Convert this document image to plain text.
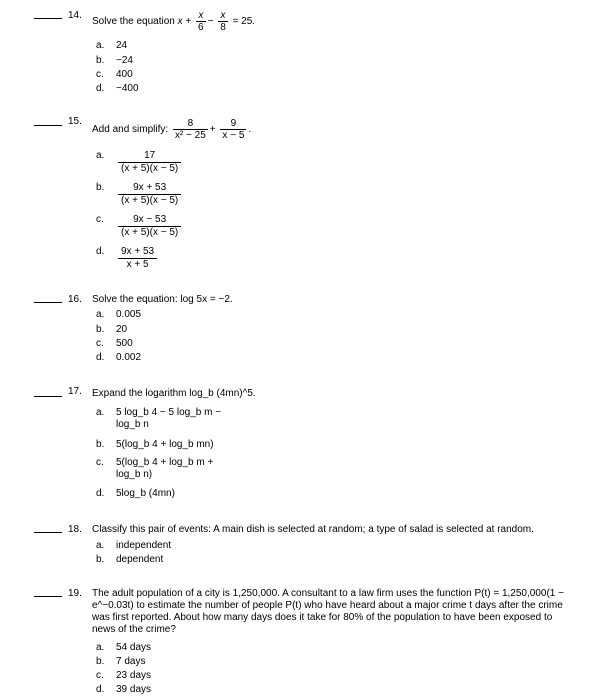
14.
Solve the equation $x + \frac{x}{6} - \frac{x}{8} = 25$.
a.	24
b.	−24
c.	400
d.	−400
15.
Add and simplify: $\frac{8}{\text{x² − 25}} + \frac{9}{x - 5}$ .
a.	$\frac{17}{(x + 5)(x - 5)}$
b.	$\frac{9x + 53}{(x + 5)(x - 5)}$
c.	$\frac{9x - 53}{(x + 5)(x - 5)}$
d.	$\frac{9x + 53}{x + 5}$
16. Solve the equation: log 5x = −2.
a.	0.005
b.	20
c.	500
d.	0.002
17. Expand the logarithm log_b (4mn)^5.
a.	5 log_b 4 − 5 log_b m −
log_b n
b.	5(log_b 4 + log_b mn)
c.	5(log_b 4 + log_b m +
log_b n)
d.	5log_b (4mn)
18. Classify this pair of events: A main dish is selected at random; a type of salad is selected at random.
a.	independent
b.	dependent
19. The adult population of a city is 1,250,000. A consultant to a law firm uses the function P(t) = 1,250,000(1 −
e^−0.03t) to estimate the number of people P(t) who have heard about a major crime t days after the crime
was first reported. About how many days does it take for 80% of the population to have been exposed to
news of the crime?
a.	54 days
b.	7 days
c.	23 days
d.	39 days
